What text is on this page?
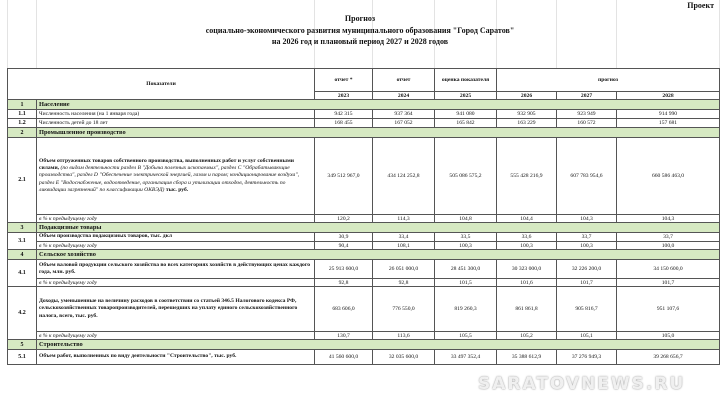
Проект
Прогноз
социально-экономического развития муниципального образования "Город Саратов"
на 2026 год и плановый период 2027 и 2028 годов
Показатели		отчет *	отчет	оценка показателя	прогноз		
		2023	2024	2025	2026	2027	2028
1	Население						
1.1	Численность населения (на 1 января года)	942 315	937 364	941 080	932 905	923 949	914 990
1.2	Численность детей до 18 лет	168 455	167 052	165 842	163 229	160 572	157 681
2	Промышленное производство						
2.1	Объем отгруженных товаров собственного производства, выполненных работ и услуг собственными силами, (по видам деятельности раздел В "Добыча полезных ископаемых", раздел С "Обрабатывающие производства", раздел D "Обеспечение электрической энергией, газом и паром; кондиционирование воздуха", раздел Е "Водоснабжение, водоотведение, организация сбора и утилизации отходов, деятельность по ликвидации загрязнений" по классификации ОКВЭД) тыс. руб.	349 512 967,0	434 124 252,8	505 086 575,2	555 428 216,9	607 783 954,6	660 586 463,0
	в % к предыдущему году	120,2	114,3	104,8	104,4	104,3	104,3
3	Подакцизные товары						
3.1	Объем производства подакцизных товаров, тыс. дкл	30,9	33,4	33,5	33,6	33,7	33,7
	в % к предыдущему году	90,4	108,1	100,3	100,3	100,3	100,0
4	Сельское хозяйство						
4.1	Объем валовой продукции сельского хозяйства во всех категориях хозяйств в действующих ценах каждого года, млн. руб.	25 913 600,0	26 051 000,0	28 451 300,0	30 323 000,0	32 226 200,0	34 150 600,0
	в % к предыдущему году	92,8	92,8	101,5	101,6	101,7	101,7
4.2	Доходы, уменьшенные на величину расходов в соответствии со статьей 346.5 Налогового кодекса РФ, сельскохозяйственных товаропроизводителей, перешедших на уплату единого сельскохозяйственного налога, всего, тыс. руб.	683 606,0	776 550,0	819 260,3	861 861,8	905 816,7	951 107,6
	в % к предыдущему году	130,7	113,6	105,5	105,2	105,1	105,0
5	Строительство						
5.1	Объем работ, выполненных по виду деятельности "Строительство", тыс. руб.	41 560 600,0	32 035 600,0	33 497 352,4	35 388 612,9	37 276 949,3	39 268 656,7
SARATOVNEWS.RU
